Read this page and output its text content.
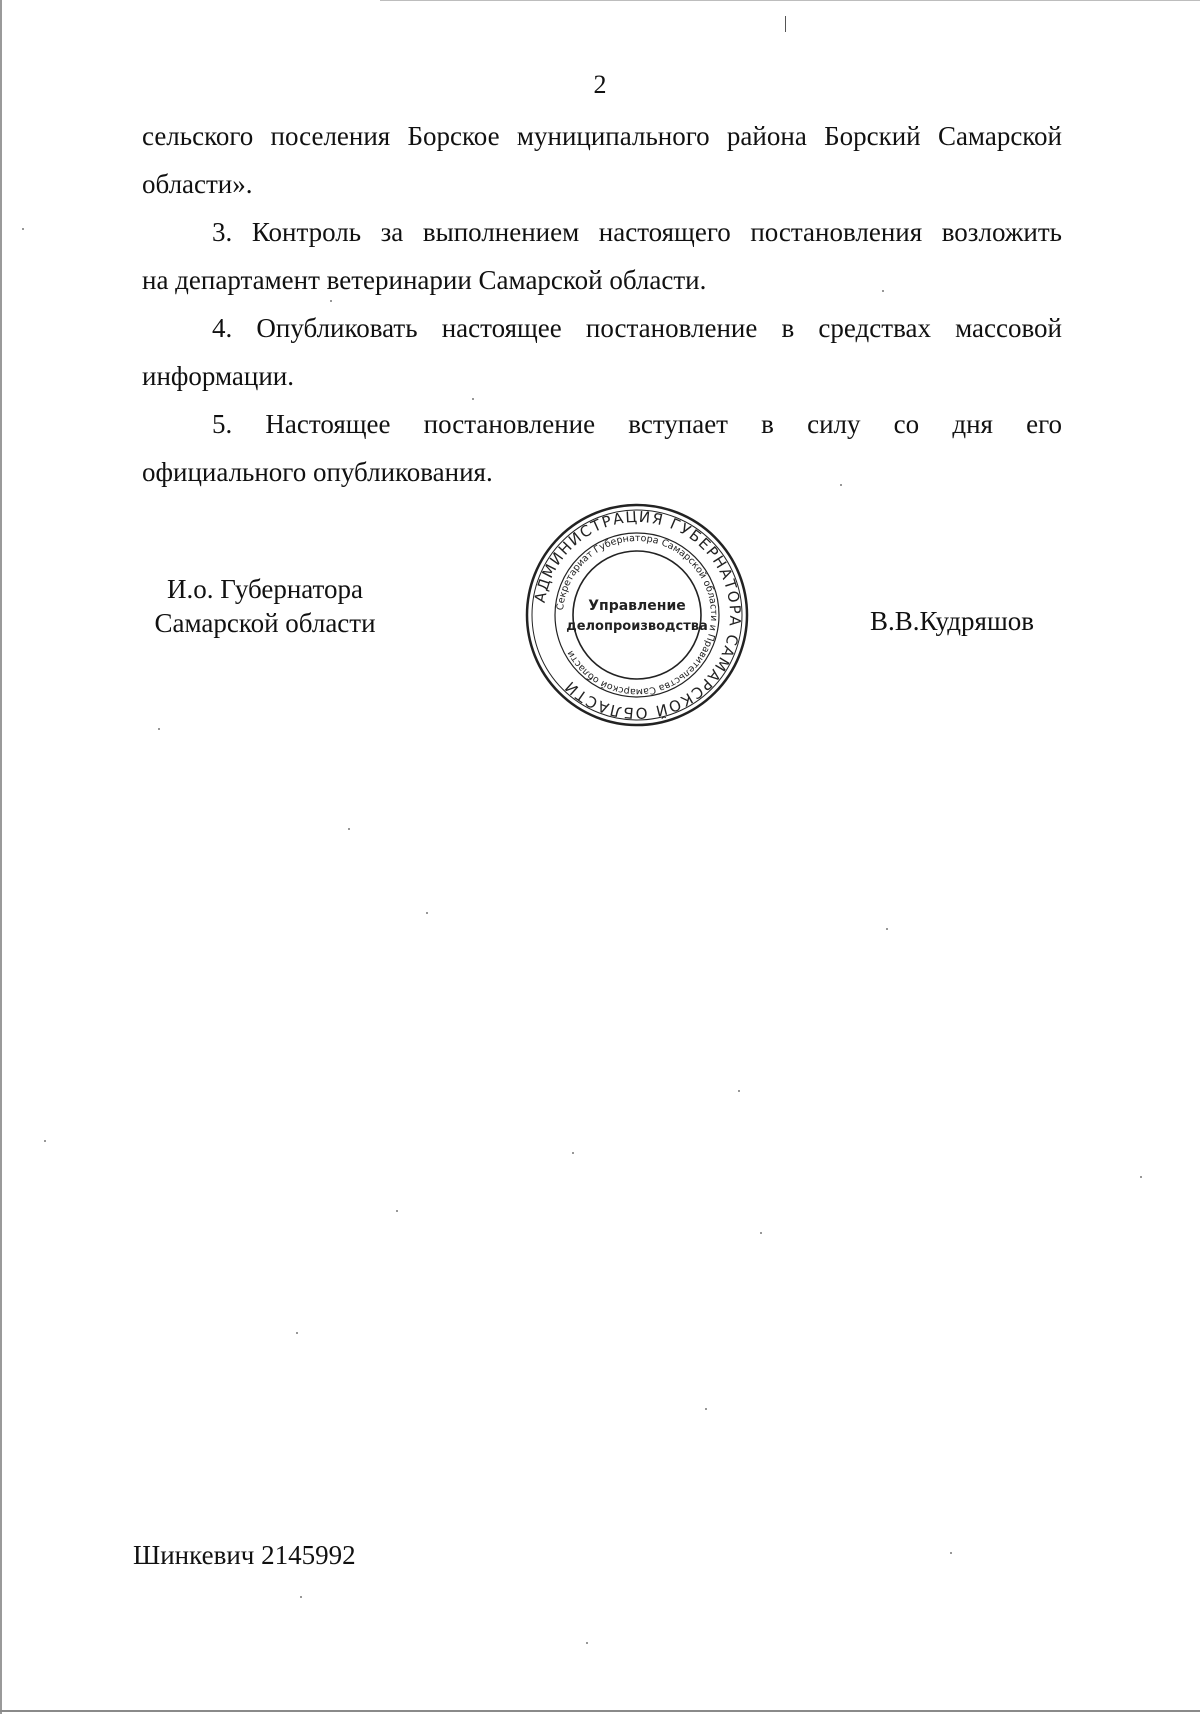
2

сельского поселения Борское муниципального района Борский Самарской

области».

3. Контроль за выполнением настоящего постановления возложить

на департамент ветеринарии Самарской области.

4. Опубликовать настоящее постановление в средствах массовой

информации.

5. Настоящее постановление вступает в силу со дня его

официального опубликования.

И.о. Губернатора
Самарской области
АДМИНИСТРАЦИЯ ГУБЕРНАТОРА САМАРСКОЙ ОБЛАСТИ
Секретариат Губернатора Самарской области и Правительства Самарской области
Управление
делопроизводства	В.В.Кудряшов
Шинкевич 2145992
